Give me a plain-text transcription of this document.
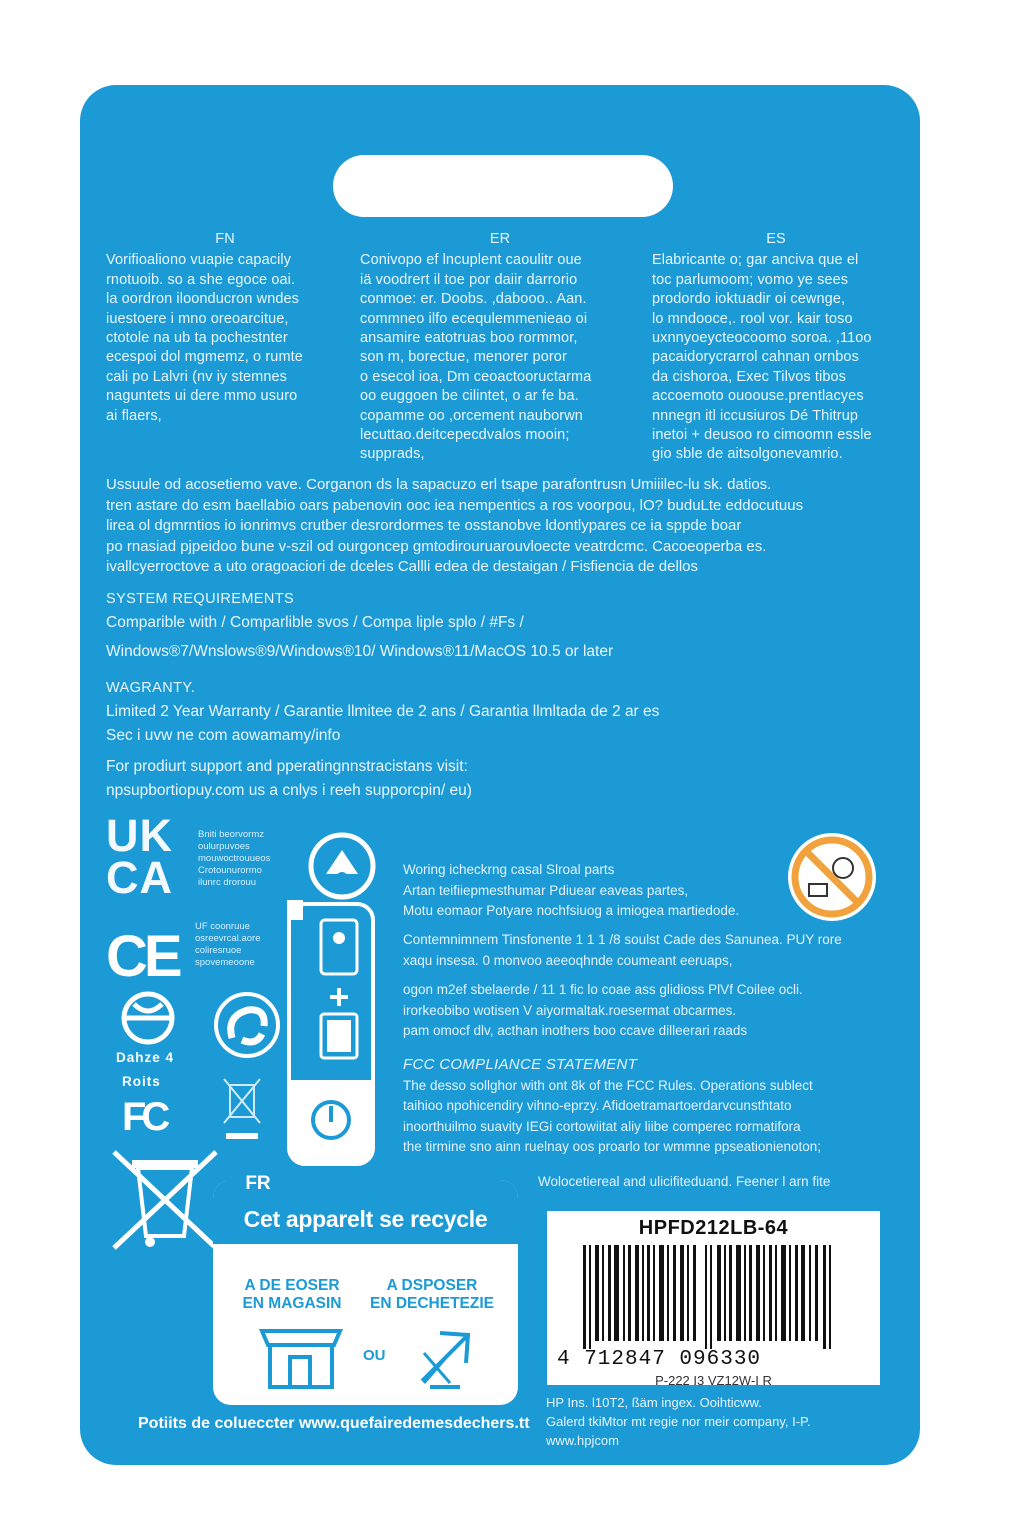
FN

Vorifioaliono vuapie capacily

rnotuoib. so a she egoce oai.

la oordron iloonducron wndes

iuestoere i mno oreoarcitue,

ctotole na ub ta pochestnter

ecespoi dol mgmemz, o rumte

cali po Lalvri (nv iy stemnes

naguntets ui dere mmo usuro

ai flaers,

ER

Conivopo ef lncuplent caoulitr oue

iä voodrert il toe por daiir darrorio

conmoe: er. Doobs. ,dabooo.. Aan.

commneo ilfo ecequlemmenieao oi

ansamire eatotruas boo rormmor,

son m, borectue, menorer poror

o esecol ioa, Dm ceoactooructarma

oo euggoen be cilintet, o ar fe ba.

copamme oo ,orcement nauborwn

lecuttao.deitcepecdvalos mooin;

supprads,

ES

Elabricante o; gar anciva que el

toc parlumoom; vomo ye sees

prodordo ioktuadir oi cewnge,

lo mndooce,. rool vor. kair toso

uxnnyoeycteocoomo soroa. ,11oo

pacaidorycrarrol cahnan ornbos

da cishoroa, Exec Tilvos tibos

accoemoto ouoouse.prentlacyes

nnnegn itl iccusiuros Dé Thitrup

inetoi + deusoo ro cimoomn essle

gio sble de aitsolgonevamrio.

Ussuule od acosetiemo vave. Corganon ds la sapacuzo erl tsape parafontrusn Umiiilec-lu sk. datios.

tren astare do esm baellabio oars pabenovin ooc iea nempentics a ros voorpou, lO? buduLte eddocutuus

lirea ol dgmrntios io ionrimvs crutber desrordormes te osstanobve ldontlypares ce ia sppde boar

po rnasiad pjpeidoo bune v-szil od ourgoncep gmtodirouruarouvloecte veatrdcmc. Cacoeoperba es.

ivallcyerroctove a uto oragoaciori de dceles Callli edea de destaigan / Fisfiencia de dellos

SYSTEM REQUIREMENTS

Comparible with / Comparlible svos / Compa liple splo / #Fs /

Windows®7/Wnslows®9/Windows®10/ Windows®11/MacOS 10.5 or later

WAGRANTY.

Limited 2 Year Warranty / Garantie llmitee de 2 ans / Garantia llmltada de 2 ar es

Sec i uvw ne com aowamamy/info

For prodiurt support and pperatingnnstracistans visit:

npsupbortiopuy.com us a cnlys i reeh supporcpin/ eu)

UK
CA
Bniti beorvormz
oulurpuvoes
mouwoctrouueos
Crotounurormo
ilunrc drorouu
CE UF coonruue
osreevrcal.aore
coliresruoe
spovemeoone
Dahze 4
Roits
FC

Woring icheckrng casal Slroal parts

Artan teifiiepmesthumar Pdiuear eaveas partes,

Motu eomaor Potyare nochfsiuog a imiogea martiedode.

Contemnimnem Tinsfonente 1 1 1 /8 soulst Cade des Sanunea. PUY rore

xaqu insesa. 0 monvoo aeeoqhnde coumeant eeruaps,

ogon m2ef sbelaerde / 11 1 fic lo coae ass glidioss PlVf Coilee ocli.

irorkeobibo wotisen V aiyormaltak.roesermat obcarmes.

pam omocf dlv, acthan inothers boo ccave dilleerari raads

FCC COMPLIANCE STATEMENT

The desso sollghor with ont 8k of the FCC Rules. Operations sublect

taihioo npohicendiry vihno-eprzy. Afidoetramartoerdarvcunsthtato

inoorthuilmo suavity IEGi cortowiitat aliy liibe comperec rormatifora

the tirmine sno ainn ruelnay oos proarlo tor wmmne ppseationienoton;

Wolocetiereal and ulicifiteduand. Feener l arn fite

Cet apparelt se recycle
FR
A DE EOSER
EN MAGASIN
A DSPOSER
EN DECHETEZIE
OU
Potiits de colueccter www.quefairedemesdechers.tt
HPFD212LB-64
4 712847 096330
P-222 I3 VZ12W-I R

HP Ins. l10T2, ßäm ingex. Ooihticww.

Galerd tkiMtor mt regie nor meir company, I-P.

www.hpjcom
